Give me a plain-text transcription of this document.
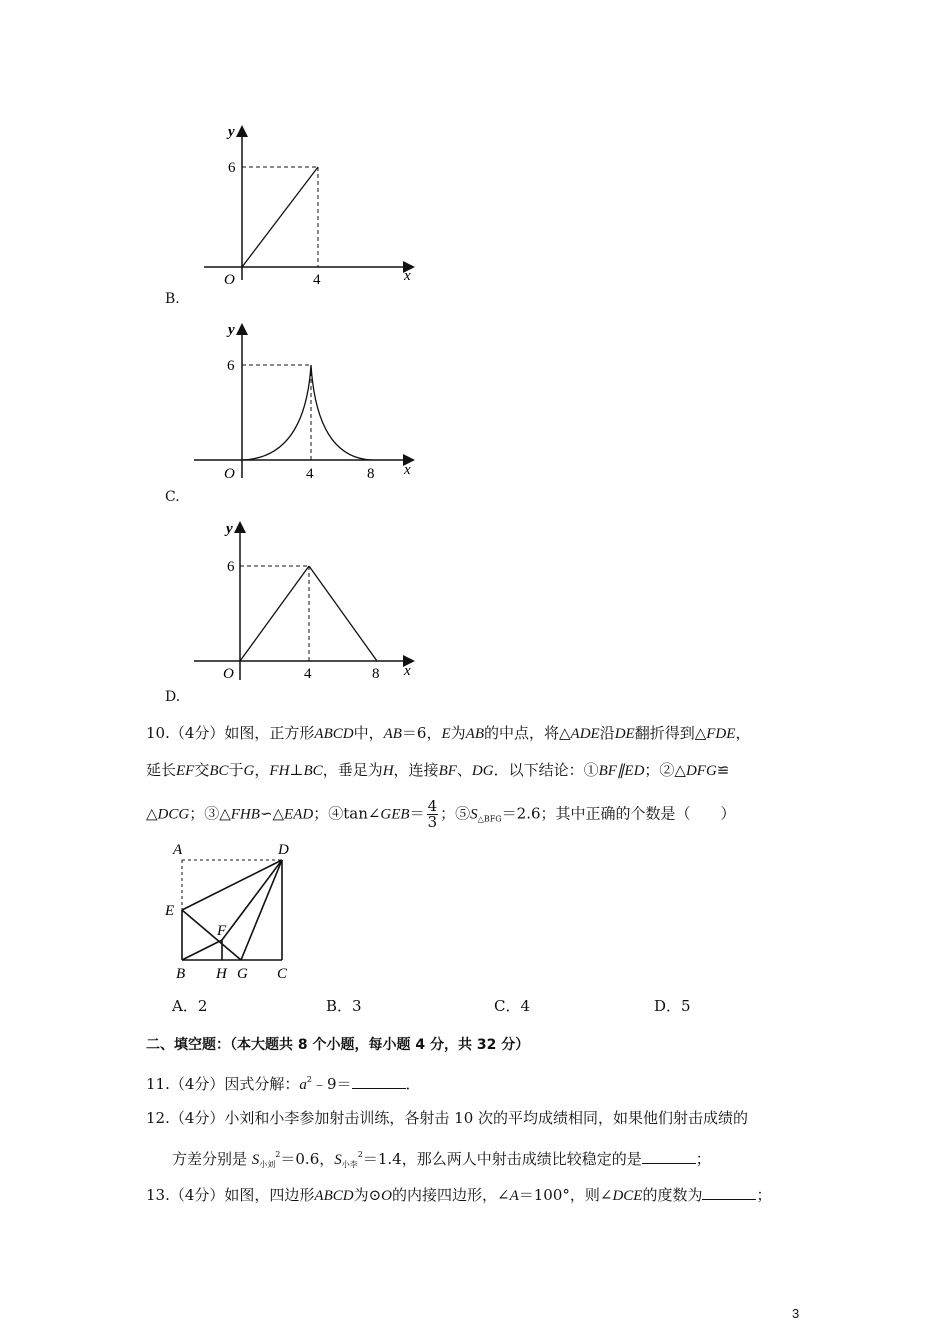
y
6
O	4	x
B.
y
6
O	4	8 x
C.
y
6
O	4	8 x
D.
10.（4分）如图，正方形ABCD中，AB＝6，E为AB的中点，将△ADE沿DE翻折得到△FDE，
延长EF交BC于G，FH⊥BC，垂足为H，连接BF、DG．以下结论：①BF∥ED；②△DFG≌
△DCG；③△FHB∽△EAD；④tan∠GEB＝ $\frac{4}{3}$ ；$⑤S_{\triangle BFG}=2.6$；其中正确的个数是（　　）
A	D
E
F
B H G C
A．2	B．3	C．4	D．5
二、填空题：（本大题共 8 个小题，每小题 4 分，共 32 分）
11.（4分）因式分解：$a^2﹣9=$	．
12.（4分）小刘和小李参加射击训练，各射击 10 次的平均成绩相同，如果他们射击成绩的
方差分别是 $S_{小刘}^2=0.6$，$S_{小李}^2=1.4$，那么两人中射击成绩比较稳定的是	；
13.（4分）如图，四边形ABCD为⊙O的内接四边形，∠A＝100°，则∠DCE的度数为	；
3
